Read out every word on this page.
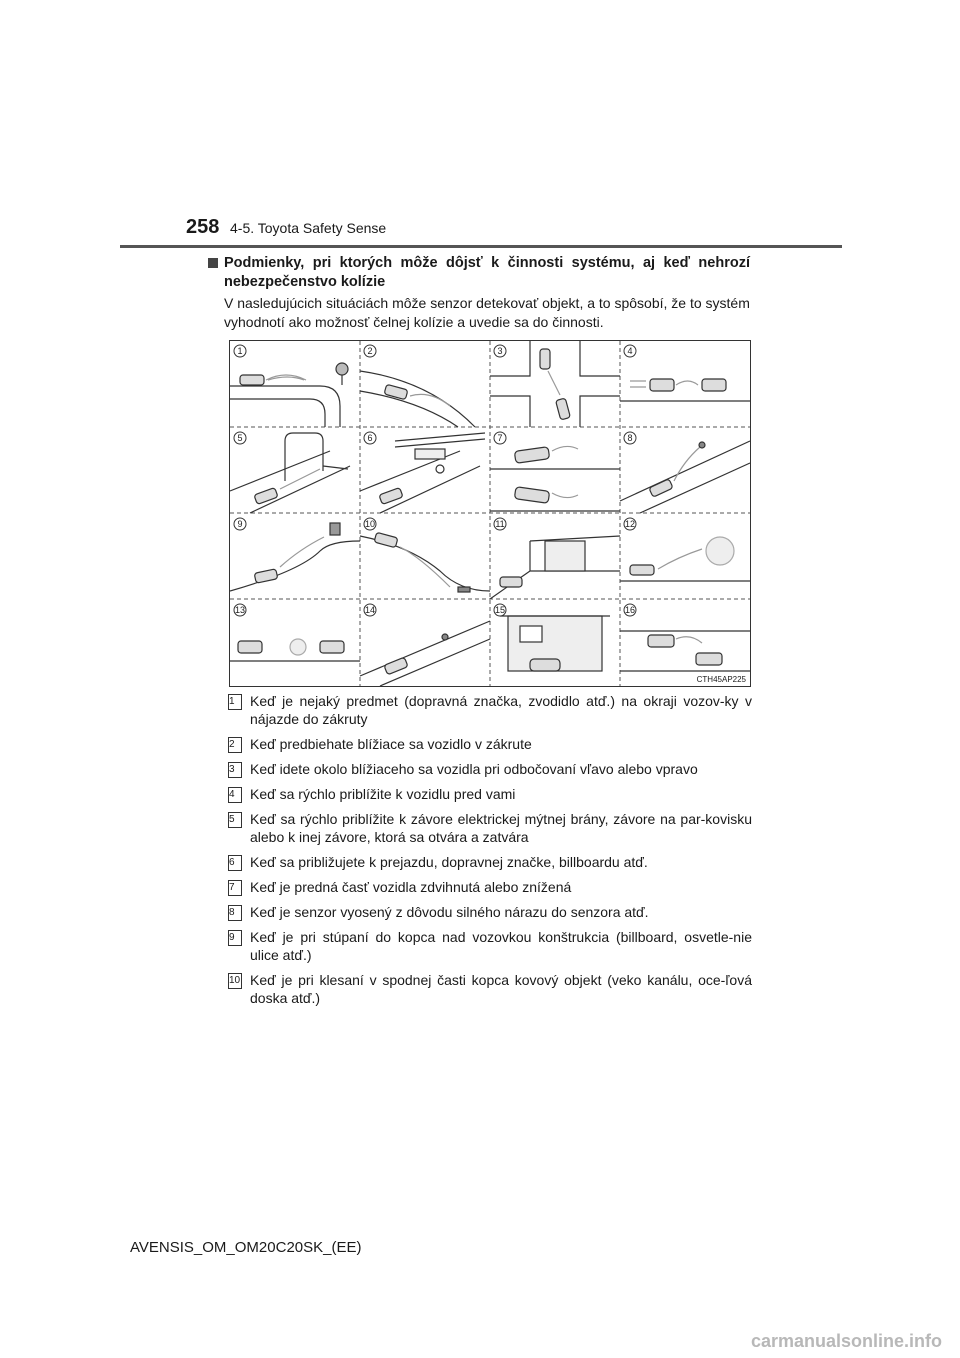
258 4-5. Toyota Safety Sense
Podmienky, pri ktorých môže dôjsť k činnosti systému, aj keď nehrozí nebezpečenstvo kolízie
V nasledujúcich situáciách môže senzor detekovať objekt, a to spôsobí, že to systém vyhodnotí ako možnosť čelnej kolízie a uvedie sa do činnosti.
1	2	3	4
5	6	7	8
9	10	11	12
13	14	15	16
CTH45AP225
1	Keď je nejaký predmet (dopravná značka, zvodidlo atď.) na okraji vozov-ky v nájazde do zákruty
2	Keď predbiehate blížiace sa vozidlo v zákrute
3	Keď idete okolo blížiaceho sa vozidla pri odbočovaní vľavo alebo vpravo
4	Keď sa rýchlo priblížite k vozidlu pred vami
5	Keď sa rýchlo priblížite k závore elektrickej mýtnej brány, závore na par-kovisku alebo k inej závore, ktorá sa otvára a zatvára
6	Keď sa približujete k prejazdu, dopravnej značke, billboardu atď.
7	Keď je predná časť vozidla zdvihnutá alebo znížená
8	Keď je senzor vyosený z dôvodu silného nárazu do senzora atď.
9	Keď je pri stúpaní do kopca nad vozovkou konštrukcia (billboard, osvetle-nie ulice atď.)
10 Keď je pri klesaní v spodnej časti kopca kovový objekt (veko kanálu, oce-ľová doska atď.)
AVENSIS_OM_OM20C20SK_(EE)
carmanualsonline.info
